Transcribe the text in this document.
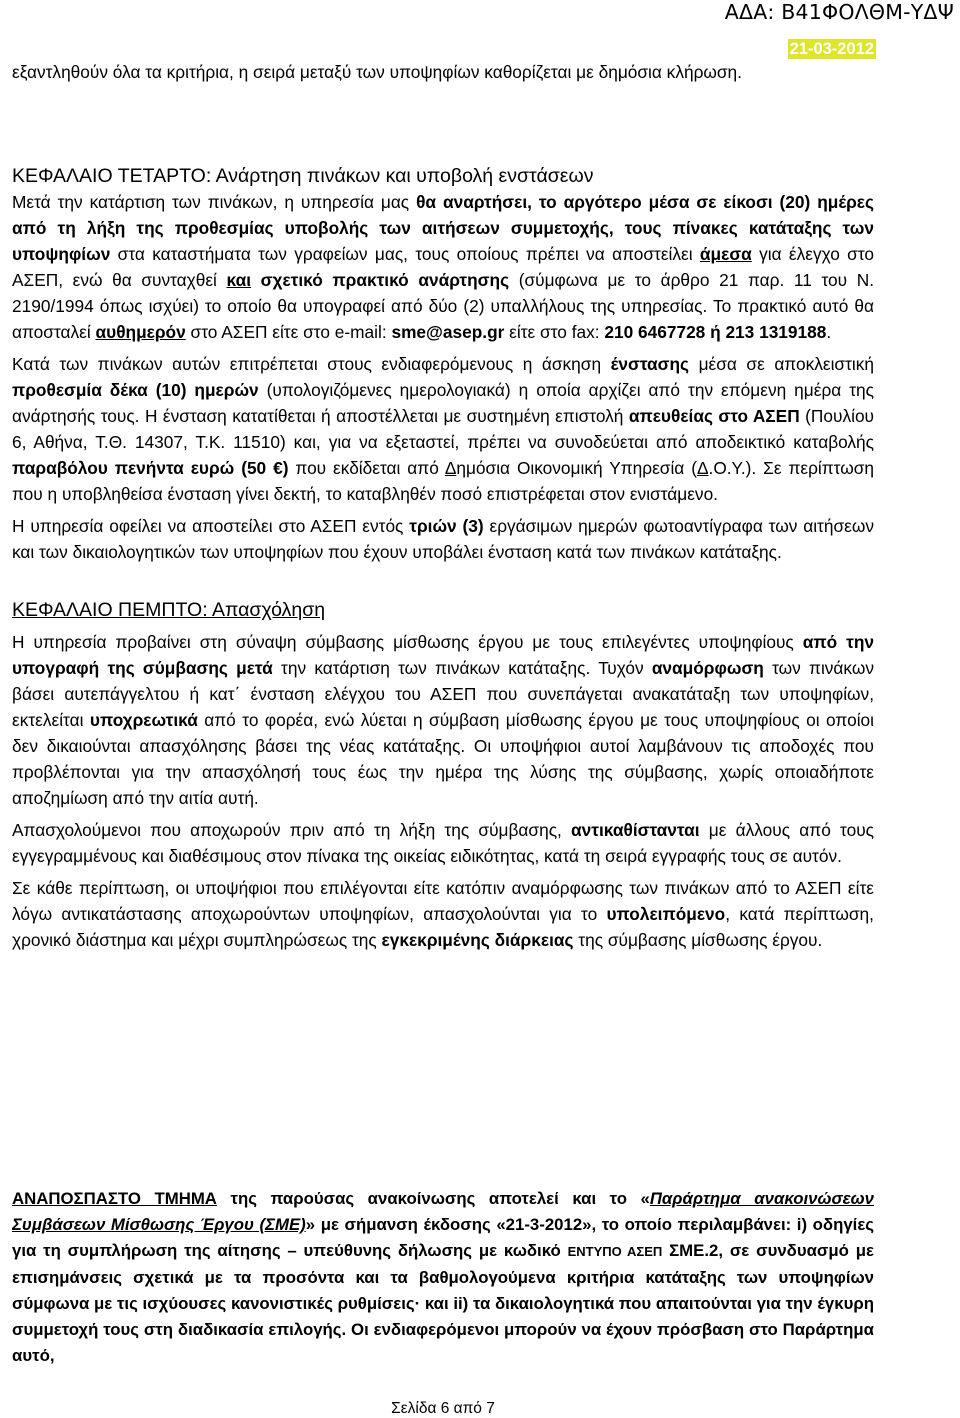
ΑΔΑ: Β41ΦΟΛΘΜ-ΥΔΨ
21-03-2012

εξαντληθούν όλα τα κριτήρια, η σειρά μεταξύ των υποψηφίων καθορίζεται με δημόσια κλήρωση.

ΚΕΦΑΛΑΙΟ ΤΕΤΑΡΤΟ: Ανάρτηση πινάκων και υποβολή ενστάσεων

Μετά την κατάρτιση των πινάκων, η υπηρεσία μας θα αναρτήσει, το αργότερο μέσα σε είκοσι (20) ημέρες από τη λήξη της προθεσμίας υποβολής των αιτήσεων συμμετοχής, τους πίνακες κατάταξης των υποψηφίων στα καταστήματα των γραφείων μας, τους οποίους πρέπει να αποστείλει άμεσα για έλεγχο στο ΑΣΕΠ, ενώ θα συνταχθεί και σχετικό πρακτικό ανάρτησης (σύμφωνα με το άρθρο 21 παρ. 11 του Ν. 2190/1994 όπως ισχύει) το οποίο θα υπογραφεί από δύο (2) υπαλλήλους της υπηρεσίας. Το πρακτικό αυτό θα αποσταλεί αυθημερόν στο ΑΣΕΠ είτε στο e-mail: sme@asep.gr είτε στο fax: 210 6467728 ή 213 1319188.

Κατά των πινάκων αυτών επιτρέπεται στους ενδιαφερόμενους η άσκηση ένστασης μέσα σε αποκλειστική προθεσμία δέκα (10) ημερών (υπολογιζόμενες ημερολογιακά) η οποία αρχίζει από την επόμενη ημέρα της ανάρτησής τους. Η ένσταση κατατίθεται ή αποστέλλεται με συστημένη επιστολή απευθείας στο ΑΣΕΠ (Πουλίου 6, Αθήνα, Τ.Θ. 14307, Τ.Κ. 11510) και, για να εξεταστεί, πρέπει να συνοδεύεται από αποδεικτικό καταβολής παραβόλου πενήντα ευρώ (50 €) που εκδίδεται από Δημόσια Οικονομική Υπηρεσία (Δ.Ο.Υ.). Σε περίπτωση που η υποβληθείσα ένσταση γίνει δεκτή, το καταβληθέν ποσό επιστρέφεται στον ενιστάμενο.

Η υπηρεσία οφείλει να αποστείλει στο ΑΣΕΠ εντός τριών (3) εργάσιμων ημερών φωτοαντίγραφα των αιτήσεων και των δικαιολογητικών των υποψηφίων που έχουν υποβάλει ένσταση κατά των πινάκων κατάταξης.

ΚΕΦΑΛΑΙΟ ΠΕΜΠΤΟ: Απασχόληση

Η υπηρεσία προβαίνει στη σύναψη σύμβασης μίσθωσης έργου με τους επιλεγέντες υποψηφίους από την υπογραφή της σύμβασης μετά την κατάρτιση των πινάκων κατάταξης. Τυχόν αναμόρφωση των πινάκων βάσει αυτεπάγγελτου ή κατ΄ ένσταση ελέγχου του ΑΣΕΠ που συνεπάγεται ανακατάταξη των υποψηφίων, εκτελείται υποχρεωτικά από το φορέα, ενώ λύεται η σύμβαση μίσθωσης έργου με τους υποψηφίους οι οποίοι δεν δικαιούνται απασχόλησης βάσει της νέας κατάταξης. Οι υποψήφιοι αυτοί λαμβάνουν τις αποδοχές που προβλέπονται για την απασχόλησή τους έως την ημέρα της λύσης της σύμβασης, χωρίς οποιαδήποτε αποζημίωση από την αιτία αυτή.

Απασχολούμενοι που αποχωρούν πριν από τη λήξη της σύμβασης, αντικαθίστανται με άλλους από τους εγγεγραμμένους και διαθέσιμους στον πίνακα της οικείας ειδικότητας, κατά τη σειρά εγγραφής τους σε αυτόν.

Σε κάθε περίπτωση, οι υποψήφιοι που επιλέγονται είτε κατόπιν αναμόρφωσης των πινάκων από το ΑΣΕΠ είτε λόγω αντικατάστασης αποχωρούντων υποψηφίων, απασχολούνται για το υπολειπόμενο, κατά περίπτωση, χρονικό διάστημα και μέχρι συμπληρώσεως της εγκεκριμένης διάρκειας της σύμβασης μίσθωσης έργου.

ΑΝΑΠΟΣΠΑΣΤΟ ΤΜΗΜΑ της παρούσας ανακοίνωσης αποτελεί και το «Παράρτημα ανακοινώσεων Συμβάσεων Μίσθωσης Έργου (ΣΜΕ)» με σήμανση έκδοσης «21-3-2012», το οποίο περιλαμβάνει: i) οδηγίες για τη συμπλήρωση της αίτησης – υπεύθυνης δήλωσης με κωδικό ΕΝΤΥΠΟ ΑΣΕΠ ΣΜΕ.2, σε συνδυασμό με επισημάνσεις σχετικά με τα προσόντα και τα βαθμολογούμενα κριτήρια κατάταξης των υποψηφίων σύμφωνα με τις ισχύουσες κανονιστικές ρυθμίσεις· και ii) τα δικαιολογητικά που απαιτούνται για την έγκυρη συμμετοχή τους στη διαδικασία επιλογής. Οι ενδιαφερόμενοι μπορούν να έχουν πρόσβαση στο Παράρτημα αυτό,
Σελίδα 6 από 7
